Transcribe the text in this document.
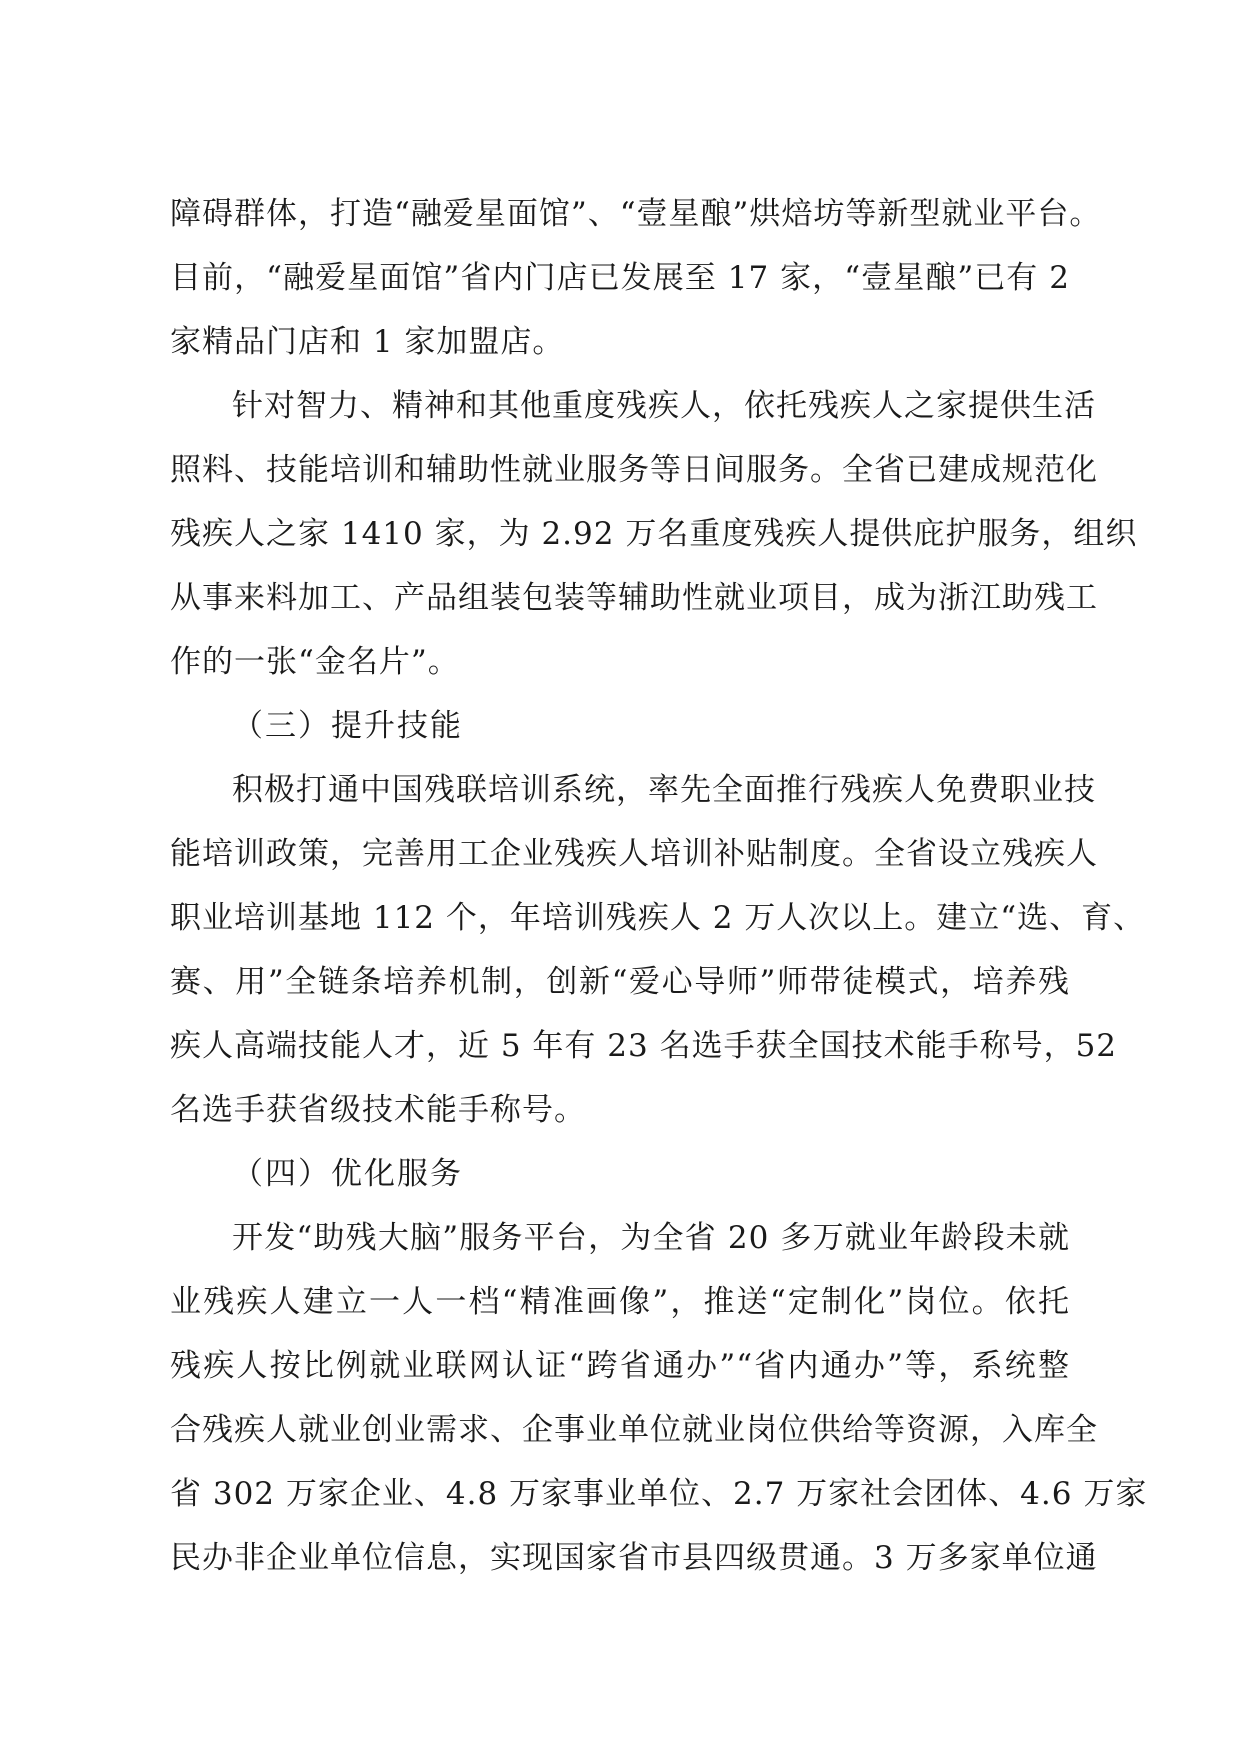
障碍群体，打造“融爱星面馆”、“壹星酿”烘焙坊等新型就业平台。
目前，“融爱星面馆”省内门店已发展至 17 家，“壹星酿”已有 2
家精品门店和 1 家加盟店。
针对智力、精神和其他重度残疾人，依托残疾人之家提供生活
照料、技能培训和辅助性就业服务等日间服务。全省已建成规范化
残疾人之家 1410 家，为 2.92 万名重度残疾人提供庇护服务，组织
从事来料加工、产品组装包装等辅助性就业项目，成为浙江助残工
作的一张“金名片”。
（三）提升技能
积极打通中国残联培训系统，率先全面推行残疾人免费职业技
能培训政策，完善用工企业残疾人培训补贴制度。全省设立残疾人
职业培训基地 112 个，年培训残疾人 2 万人次以上。建立“选、育、
赛、用”全链条培养机制，创新“爱心导师”师带徒模式，培养残
疾人高端技能人才，近 5 年有 23 名选手获全国技术能手称号，52
名选手获省级技术能手称号。
（四）优化服务
开发“助残大脑”服务平台，为全省 20 多万就业年龄段未就
业残疾人建立一人一档“精准画像”，推送“定制化”岗位。依托
残疾人按比例就业联网认证“跨省通办”“省内通办”等，系统整
合残疾人就业创业需求、企事业单位就业岗位供给等资源，入库全
省 302 万家企业、4.8 万家事业单位、2.7 万家社会团体、4.6 万家
民办非企业单位信息，实现国家省市县四级贯通。3 万多家单位通
